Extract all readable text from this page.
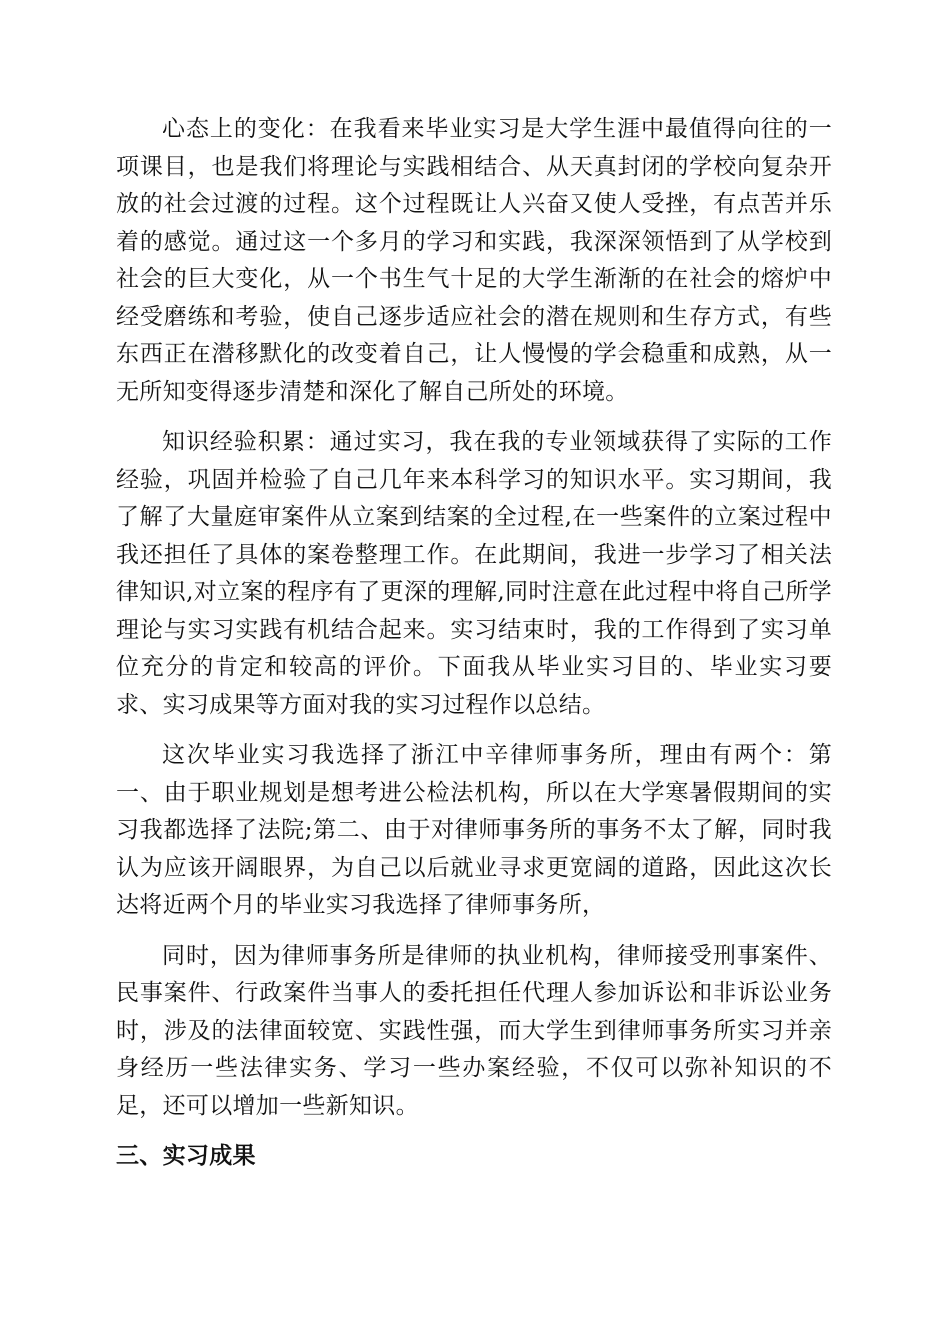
心态上的变化：在我看来毕业实习是大学生涯中最值得向往的一项课目，也是我们将理论与实践相结合、从天真封闭的学校向复杂开放的社会过渡的过程。这个过程既让人兴奋又使人受挫，有点苦并乐着的感觉。通过这一个多月的学习和实践，我深深领悟到了从学校到社会的巨大变化，从一个书生气十足的大学生渐渐的在社会的熔炉中经受磨练和考验，使自己逐步适应社会的潜在规则和生存方式，有些东西正在潜移默化的改变着自己，让人慢慢的学会稳重和成熟，从一无所知变得逐步清楚和深化了解自己所处的环境。

知识经验积累：通过实习，我在我的专业领域获得了实际的工作经验，巩固并检验了自己几年来本科学习的知识水平。实习期间，我了解了大量庭审案件从立案到结案的全过程,在一些案件的立案过程中我还担任了具体的案卷整理工作。在此期间，我进一步学习了相关法律知识,对立案的程序有了更深的理解,同时注意在此过程中将自己所学理论与实习实践有机结合起来。实习结束时，我的工作得到了实习单位充分的肯定和较高的评价。下面我从毕业实习目的、毕业实习要求、实习成果等方面对我的实习过程作以总结。

这次毕业实习我选择了浙江中辛律师事务所，理由有两个：第一、由于职业规划是想考进公检法机构，所以在大学寒暑假期间的实习我都选择了法院;第二、由于对律师事务所的事务不太了解，同时我认为应该开阔眼界，为自己以后就业寻求更宽阔的道路，因此这次长达将近两个月的毕业实习我选择了律师事务所，

同时，因为律师事务所是律师的执业机构，律师接受刑事案件、民事案件、行政案件当事人的委托担任代理人参加诉讼和非诉讼业务时，涉及的法律面较宽、实践性强，而大学生到律师事务所实习并亲身经历一些法律实务、学习一些办案经验，不仅可以弥补知识的不足，还可以增加一些新知识。

三、实习成果
